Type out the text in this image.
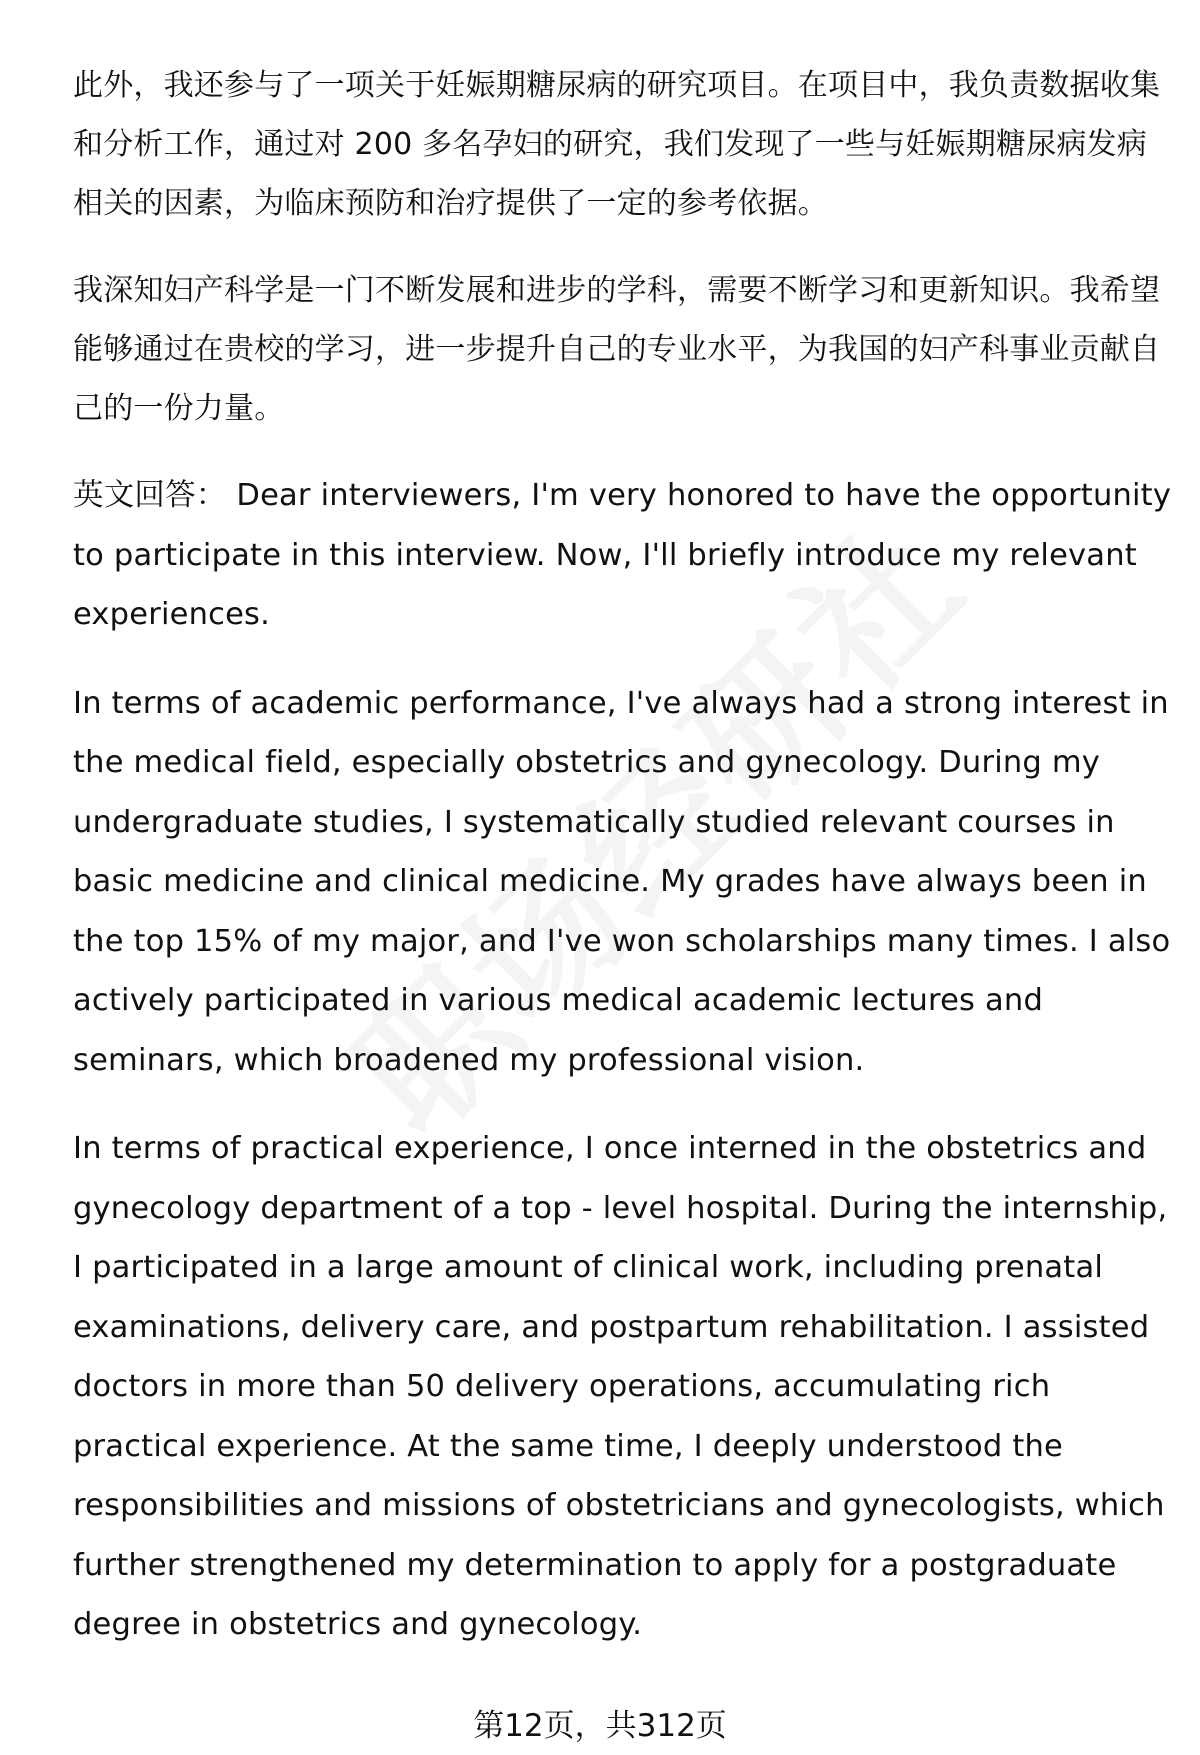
此外，我还参与了一项关于妊娠期糖尿病的研究项目。在项目中，我负责数据收集和分析工作，通过对 200 多名孕妇的研究，我们发现了一些与妊娠期糖尿病发病相关的因素，为临床预防和治疗提供了一定的参考依据。

我深知妇产科学是一门不断发展和进步的学科，需要不断学习和更新知识。我希望能够通过在贵校的学习，进一步提升自己的专业水平，为我国的妇产科事业贡献自己的一份力量。

英文回答： Dear interviewers, I'm very honored to have the opportunity to participate in this interview. Now, I'll briefly introduce my relevant experiences.

In terms of academic performance, I've always had a strong interest in the medical field, especially obstetrics and gynecology. During my undergraduate studies, I systematically studied relevant courses in basic medicine and clinical medicine. My grades have always been in the top 15% of my major, and I've won scholarships many times. I also actively participated in various medical academic lectures and seminars, which broadened my professional vision.

In terms of practical experience, I once interned in the obstetrics and gynecology department of a top - level hospital. During the internship, I participated in a large amount of clinical work, including prenatal examinations, delivery care, and postpartum rehabilitation. I assisted doctors in more than 50 delivery operations, accumulating rich practical experience. At the same time, I deeply understood the responsibilities and missions of obstetricians and gynecologists, which further strengthened my determination to apply for a postgraduate degree in obstetrics and gynecology.

第12页，共312页
